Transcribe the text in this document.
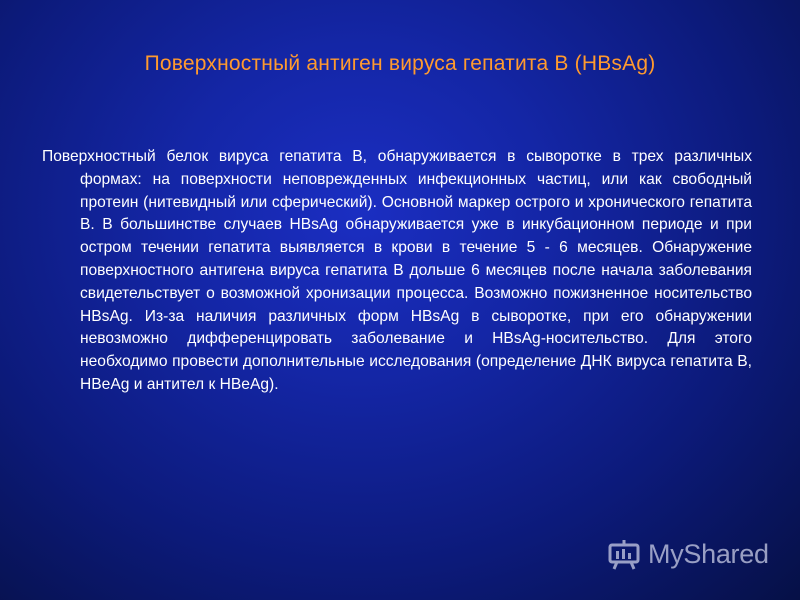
Поверхностный антиген вируса гепатита В (HBsAg)
Поверхностный белок вируса гепатита В, обнаруживается в сыворотке в трех различных формах: на поверхности неповрежденных инфекционных частиц, или как свободный протеин (нитевидный или сферический). Основной маркер острого и хронического гепатита В. В большинстве случаев HBsAg обнаруживается уже в инкубационном периоде и при остром течении гепатита выявляется в крови в течение 5 - 6 месяцев. Обнаружение поверхностного антигена вируса гепатита В дольше 6 месяцев после начала заболевания свидетельствует о возможной хронизации процесса. Возможно пожизненное носительство HBsAg. Из-за наличия различных форм HBsAg в сыворотке, при его обнаружении невозможно дифференцировать заболевание и HBsAg-носительство. Для этого необходимо провести дополнительные исследования (определение ДНК вируса гепатита В, HBeAg и антител к HBeAg).
MyShared
